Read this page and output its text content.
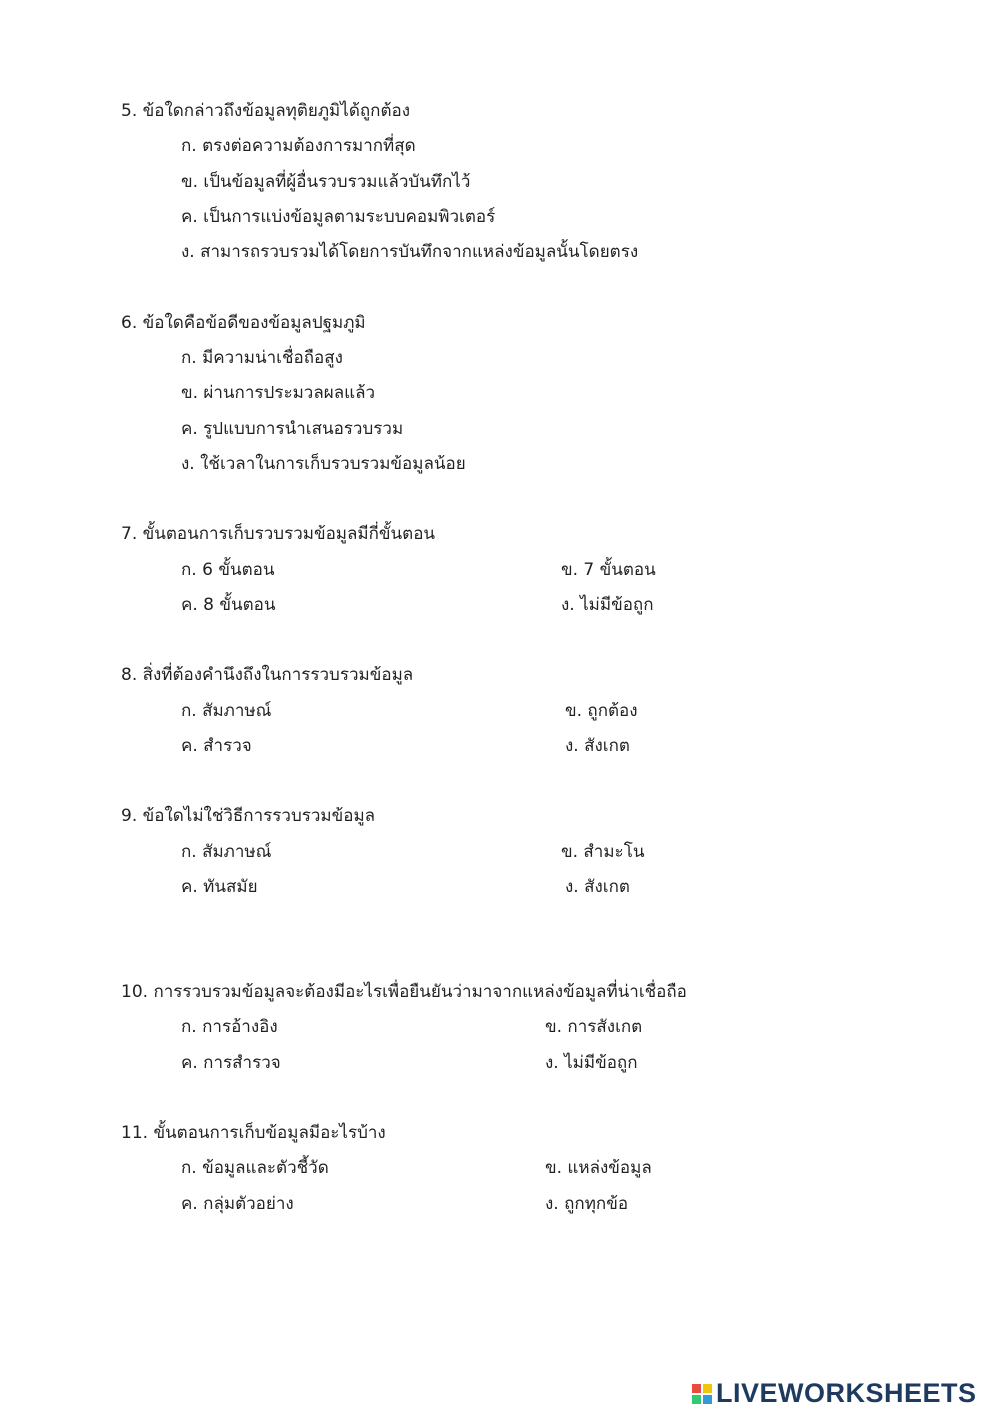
5. ข้อใดกล่าวถึงข้อมูลทุติยภูมิได้ถูกต้อง
ก. ตรงต่อความต้องการมากที่สุด
ข. เป็นข้อมูลที่ผู้อื่นรวบรวมแล้วบันทึกไว้
ค. เป็นการแบ่งข้อมูลตามระบบคอมพิวเตอร์
ง. สามารถรวบรวมได้โดยการบันทึกจากแหล่งข้อมูลนั้นโดยตรง
6. ข้อใดคือข้อดีของข้อมูลปฐมภูมิ
ก. มีความน่าเชื่อถือสูง
ข. ผ่านการประมวลผลแล้ว
ค. รูปแบบการนำเสนอรวบรวม
ง. ใช้เวลาในการเก็บรวบรวมข้อมูลน้อย
7. ขั้นตอนการเก็บรวบรวมข้อมูลมีกี่ขั้นตอน
ก. 6 ขั้นตอน	ข. 7 ขั้นตอน
ค. 8 ขั้นตอน	ง. ไม่มีข้อถูก
8. สิ่งที่ต้องคำนึงถึงในการรวบรวมข้อมูล
ก. สัมภาษณ์	ข. ถูกต้อง
ค. สำรวจ	ง. สังเกต
9. ข้อใดไม่ใช่วิธีการรวบรวมข้อมูล
ก. สัมภาษณ์	ข. สำมะโน
ค. ทันสมัย	ง. สังเกต
10. การรวบรวมข้อมูลจะต้องมีอะไรเพื่อยืนยันว่ามาจากแหล่งข้อมูลที่น่าเชื่อถือ
ก. การอ้างอิง	ข. การสังเกต
ค. การสำรวจ	ง. ไม่มีข้อถูก
11. ขั้นตอนการเก็บข้อมูลมีอะไรบ้าง
ก. ข้อมูลและตัวชี้วัด	ข. แหล่งข้อมูล
ค. กลุ่มตัวอย่าง	ง. ถูกทุกข้อ
LIVEWORKSHEETS
